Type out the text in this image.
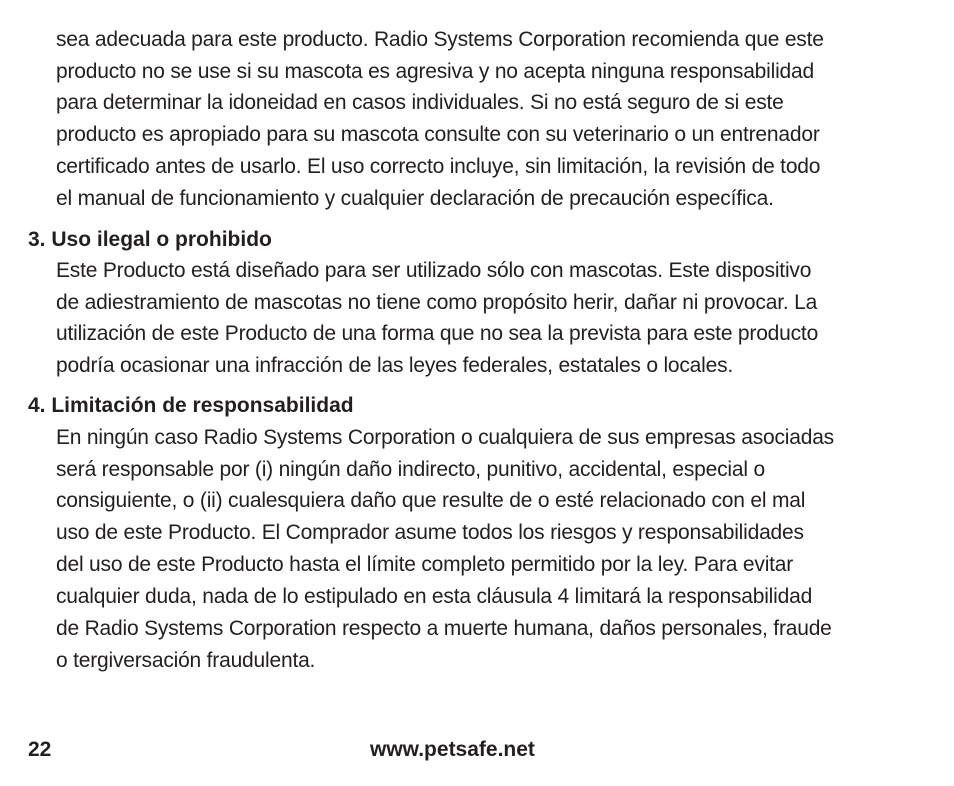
sea adecuada para este producto. Radio Systems Corporation recomienda que este
producto no se use si su mascota es agresiva y no acepta ninguna responsabilidad
para determinar la idoneidad en casos individuales. Si no está seguro de si este
producto es apropiado para su mascota consulte con su veterinario o un entrenador
certificado antes de usarlo. El uso correcto incluye, sin limitación, la revisión de todo
el manual de funcionamiento y cualquier declaración de precaución específica.
3. Uso ilegal o prohibido
Este Producto está diseñado para ser utilizado sólo con mascotas. Este dispositivo
de adiestramiento de mascotas no tiene como propósito herir, dañar ni provocar. La
utilización de este Producto de una forma que no sea la prevista para este producto
podría ocasionar una infracción de las leyes federales, estatales o locales.
4. Limitación de responsabilidad
En ningún caso Radio Systems Corporation o cualquiera de sus empresas asociadas
será responsable por (i) ningún daño indirecto, punitivo, accidental, especial o
consiguiente, o (ii) cualesquiera daño que resulte de o esté relacionado con el mal
uso de este Producto. El Comprador asume todos los riesgos y responsabilidades
del uso de este Producto hasta el límite completo permitido por la ley. Para evitar
cualquier duda, nada de lo estipulado en esta cláusula 4 limitará la responsabilidad
de Radio Systems Corporation respecto a muerte humana, daños personales, fraude
o tergiversación fraudulenta.
22	www.petsafe.net
